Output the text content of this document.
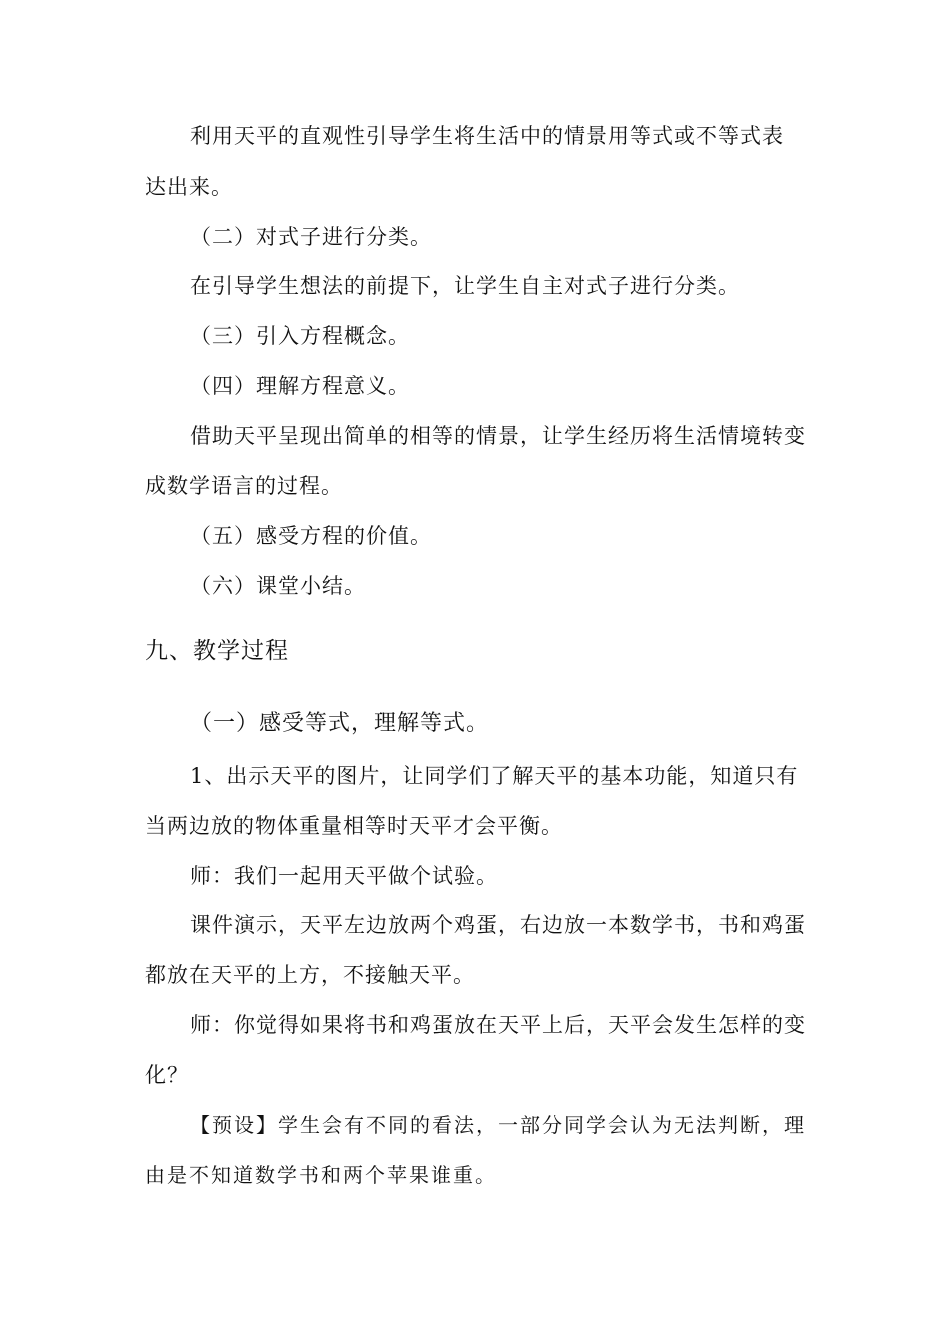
利用天平的直观性引导学生将生活中的情景用等式或不等式表
达出来。
（二）对式子进行分类。
在引导学生想法的前提下，让学生自主对式子进行分类。
（三）引入方程概念。
（四）理解方程意义。
借助天平呈现出简单的相等的情景，让学生经历将生活情境转变
成数学语言的过程。
（五）感受方程的价值。
（六）课堂小结。
九、教学过程
（一）感受等式，理解等式。
1、出示天平的图片，让同学们了解天平的基本功能，知道只有
当两边放的物体重量相等时天平才会平衡。
师：我们一起用天平做个试验。
课件演示，天平左边放两个鸡蛋，右边放一本数学书，书和鸡蛋
都放在天平的上方，不接触天平。
师：你觉得如果将书和鸡蛋放在天平上后，天平会发生怎样的变
化？
【预设】学生会有不同的看法，一部分同学会认为无法判断，理
由是不知道数学书和两个苹果谁重。
